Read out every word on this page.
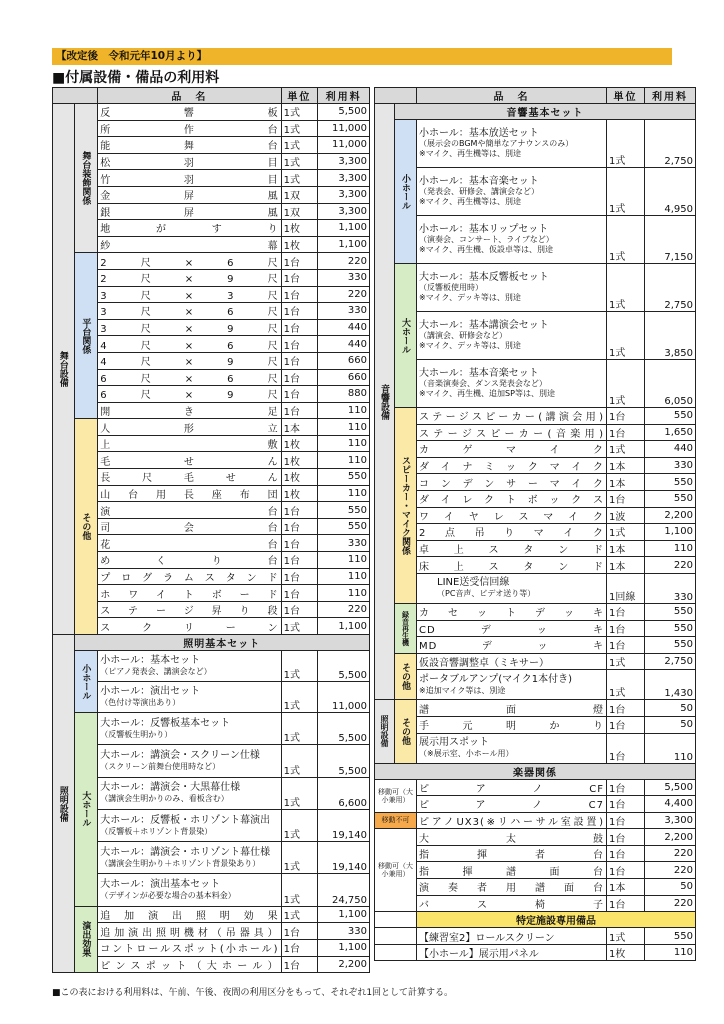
【改定後　令和元年10月より】
■付属設備・備品の利用料
		品　名	単位	利用料
舞台設備	舞台装飾関係	反　響　板	1式	5,500
		所　作　台	1式	11,000
		能　舞　台	1式	11,000
		松　羽　目	1式	3,300
		竹　羽　目	1式	3,300
		金　屏　風	1双	3,300
		銀　屏　風	1双	3,300
		地　が　す　り	1枚	1,100
		紗　幕	1枚	1,100
	平台関係	2　尺　×　6　尺	1台	220
		2　尺　×　9　尺	1台	330
		3　尺　×　3　尺	1台	220
		3　尺　×　6　尺	1台	330
		3　尺　×　9　尺	1台	440
		4　尺　×　6　尺	1台	440
		4　尺　×　9　尺	1台	660
		6　尺　×　6　尺	1台	660
		6　尺　×　9　尺	1台	880
		開　き　足	1台	110
	その他	人　形　立	1本	110
		上　敷	1枚	110
		毛　せ　ん	1枚	110
		長　尺　毛　せ　ん	1枚	550
		山台用長座布団	1枚	110
		演　台	1台	550
		司　会　台	1台	550
		花　台	1台	330
		め　く　り　台	1台	110
		プログラムスタンド	1台	110
		ホワイトボード	1台	110
		ステージ昇り段	1台	220
		ス　ク　リ　ー　ン	1式	1,100
照明設備	照明基本セット			
	小ホール	小ホール：基本セット
（ピアノ発表会、講演会など）	1式	5,500
		小ホール：演出セット
（色付け等演出あり）	1式	11,000
	大ホール	大ホール：反響板基本セット
（反響板生明かり）	1式	5,500
		大ホール：講演会・スクリーン仕様
（スクリーン前舞台使用時など）	1式	5,500
		大ホール：講演会・大黒幕仕様
（講演会生明かりのみ、看板含む）	1式	6,600
		大ホール：反響板・ホリゾント幕演出
（反響板＋ホリゾント背景染）	1式	19,140
		大ホール：講演会・ホリゾント幕仕様
（講演会生明かり＋ホリゾント背景染あり）	1式	19,140
		大ホール：演出基本セット
（デザインが必要な場合の基本料金）	1式	24,750
	演出効果	追加演出照明効果	1式	1,100
		追加演出照明機材（吊器具）	1台	330
		コントロールスポット(小ホール)	1台	1,100
		ピンスポット（大ホール）	1台	2,200
		品　名	単位	利用料
音響設備	音響基本セット			
	小ホール	小ホール：基本放送セット
（展示会のBGMや簡単なアナウンスのみ）
※マイク、再生機等は、別途	1式	2,750
		小ホール：基本音楽セット
（発表会、研修会、講演会など）
※マイク、再生機等は、別途	1式	4,950
		小ホール：基本リップセット
（演奏会、コンサート、ライブなど）
※マイク、再生機、仮設卓等は、別途	1式	7,150
	大ホール	大ホール：基本反響板セット
（反響板使用時）
※マイク、デッキ等は、別途	1式	2,750
		大ホール：基本講演会セット
（講演会、研修会など）
※マイク、デッキ等は、別途	1式	3,850
		大ホール：基本音楽セット
（音楽演奏会、ダンス発表会など）
※マイク、再生機、追加SP等は、別途	1式	6,050
	スピーカー・マイク関係	ステージスピーカー(講演会用)	1台	550
		ステージスピーカー(音楽用)	1台	1,650
		カ　ゲ　マ　イ　ク	1式	440
		ダイナミックマイク	1本	330
		コンデンサーマイク	1本	550
		ダイレクトボックス	1台	550
		ワイヤレスマイク	1波	2,200
		2　点　吊　り　マ　イ　ク	1式	1,100
		卓　上　ス　タ　ン　ド	1本	110
		床　上　ス　タ　ン　ド	1本	220
		LINE送受信回線
（PC音声、ビデオ送り等）	1回線	330
	録音再生機	カ　セ　ッ　ト　デ　ッ　キ	1台	550
		CD　デ　ッ　キ	1台	550
		MD　デ　ッ　キ	1台	550
	その他	仮設音響調整卓（ミキサー）	1式	2,750
		ポータブルアンプ(マイク1本付き)
※追加マイク等は、別途	1式	1,430
照明設備	その他	譜　面　燈	1台	50
		手　元　明　か　り	1台	50
		展示用スポット
（※展示室、小ホール用）	1台	110
楽器関係				
移動可（大小兼用）		ピ　ア　ノ　CF	1台	5,500
		ピ　ア　ノ　C7	1台	4,400
移動不可		ピアノUX3(※リハーサル室設置)	1台	3,300
移動可（大小兼用）		大　太　鼓	1台	2,200
		指　揮　者　台	1台	220
		指　揮　譜　面　台	1台	220
		演　奏　者　用　譜　面　台	1本	50
		バ　ス　椅　子	1台	220
		特定施設専用備品		
		【練習室2】ロールスクリーン	1式	550
		【小ホール】展示用パネル	1枚	110
■この表における利用料は、午前、午後、夜間の利用区分をもって、それぞれ1回として計算する。
